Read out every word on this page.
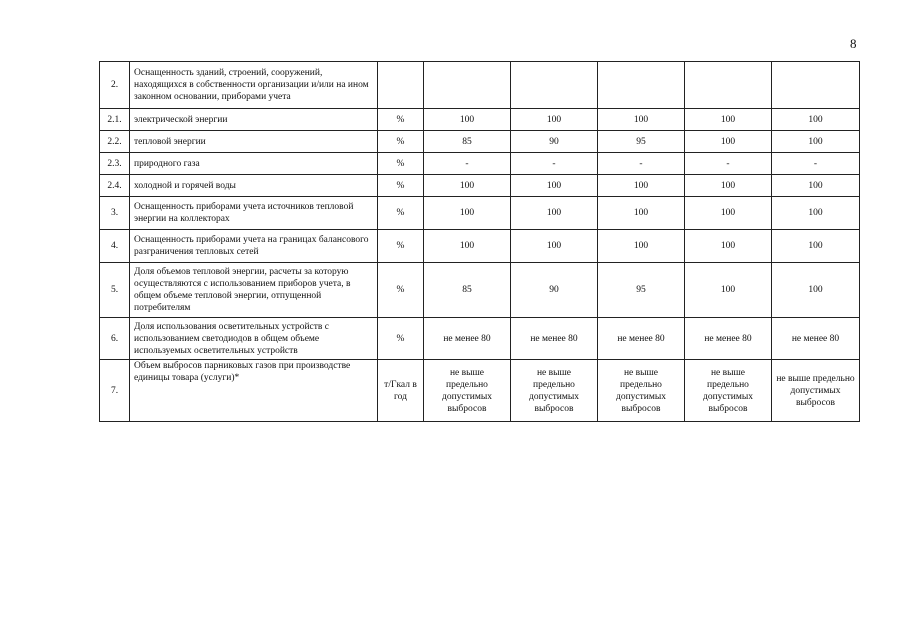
8
2.	Оснащенность зданий, строений, сооружений, находящихся в собственности организации и/или на ином законном основании, приборами учета						
2.1.	электрической энергии	%	100	100	100	100	100
2.2.	тепловой энергии	%	85	90	95	100	100
2.3.	природного газа	%	-	-	-	-	-
2.4.	холодной и горячей воды	%	100	100	100	100	100
3.	Оснащенность приборами учета источников тепловой энергии на коллекторах	%	100	100	100	100	100
4.	Оснащенность приборами учета на границах балансового разграничения тепловых сетей	%	100	100	100	100	100
5.	Доля объемов тепловой энергии, расчеты за которую осуществляются с использованием приборов учета, в общем объеме тепловой энергии, отпущенной потребителям	%	85	90	95	100	100
6.	Доля использования осветительных устройств с использованием светодиодов в общем объеме используемых осветительных устройств	%	не менее 80	не менее 80	не менее 80	не менее 80	не менее 80
7.	Объем выбросов парниковых газов при производстве единицы товара (услуги)*	т/Гкал в год	не выше предельно допустимых выбросов	не выше предельно допустимых выбросов	не выше предельно допустимых выбросов	не выше предельно допустимых выбросов	не выше предельно допустимых выбросов
